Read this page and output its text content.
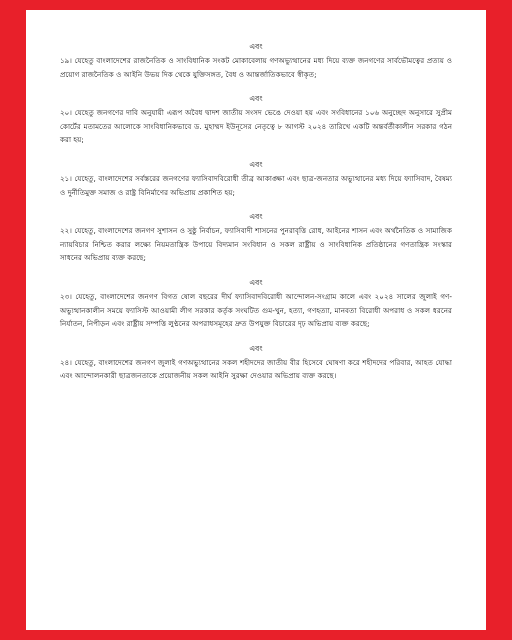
এবং

১৯। যেহেতু বাংলাদেশের রাজনৈতিক ও সাংবিধানিক সংকট মোকাবেলায় গণঅভ্যুত্থানের মধ্য দিয়ে ব্যক্ত জনগণের সার্বভৌমত্বের প্রত্যয় ও প্রয়োগ রাজনৈতিক ও আইনি উভয় দিক থেকে যুক্তিসঙ্গত, বৈধ ও আন্তর্জাতিকভাবে স্বীকৃত;

এবং

২০। যেহেতু জনগণের দাবি অনুযায়ী এরূপ অবৈধ দ্বাদশ জাতীয় সংসদ ভেঙে দেওয়া হয় এবং সংবিধানের ১০৬ অনুচ্ছেদ অনুসারে সুপ্রীম কোর্টের মতামতের আলোকে সাংবিধানিকভাবে ড. মুহাম্মদ ইউনূসের নেতৃত্বে ৮ আগস্ট ২০২৪ তারিখে একটি অন্তর্বর্তীকালীন সরকার গঠন করা হয়;

এবং

২১। যেহেতু, বাংলাদেশের সর্বস্তরের জনগণের ফ্যাসিবাদবিরোধী তীব্র আকাঙ্ক্ষা এবং ছাত্র-জনতার অভ্যুত্থানের মধ্য দিয়ে ফ্যাসিবাদ, বৈষম্য ও দুর্নীতিমুক্ত সমাজ ও রাষ্ট্র বিনির্মাণের অভিপ্রায় প্রকাশিত হয়;

এবং

২২। যেহেতু, বাংলাদেশের জনগণ সুশাসন ও সুষ্ঠু নির্বাচন, ফ্যাসিবাদী শাসনের পুনরাবৃত্তি রোধ, আইনের শাসন এবং অর্থনৈতিক ও সামাজিক ন্যায়বিচার নিশ্চিত করার লক্ষ্যে নিয়মতান্ত্রিক উপায়ে বিদ্যমান সংবিধান ও সকল রাষ্ট্রীয় ও সাংবিধানিক প্রতিষ্ঠানের গণতান্ত্রিক সংস্কার সাধনের অভিপ্রায় ব্যক্ত করছে;

এবং

২৩। যেহেতু, বাংলাদেশের জনগণ বিগত ষোল বছরের দীর্ঘ ফ্যাসিবাদবিরোধী আন্দোলন-সংগ্রাম কালে এবং ২০২৪ সালের জুলাই গণ-অভ্যুত্থানকালীন সময়ে ফ্যাসিস্ট আওয়ামী লীগ সরকার কর্তৃক সংঘটিত গুম-খুন, হত্যা, গণহত্যা, মানবতা বিরোধী অপরাধ ও সকল ধরনের নির্যাতন, নিপীড়ন এবং রাষ্ট্রীয় সম্পত্তি লুণ্ঠনের অপরাধসমূহের দ্রুত উপযুক্ত বিচারের দৃঢ় অভিপ্রায় ব্যক্ত করছে;

এবং

২৪। যেহেতু, বাংলাদেশের জনগণ জুলাই গণঅভ্যুত্থানের সকল শহীদদের জাতীয় বীর হিসেবে ঘোষণা করে শহীদদের পরিবার, আহত যোদ্ধা এবং আন্দোলনকারী ছাত্রজনতাকে প্রয়োজনীয় সকল আইনি সুরক্ষা দেওয়ার অভিপ্রায় ব্যক্ত করছে।
